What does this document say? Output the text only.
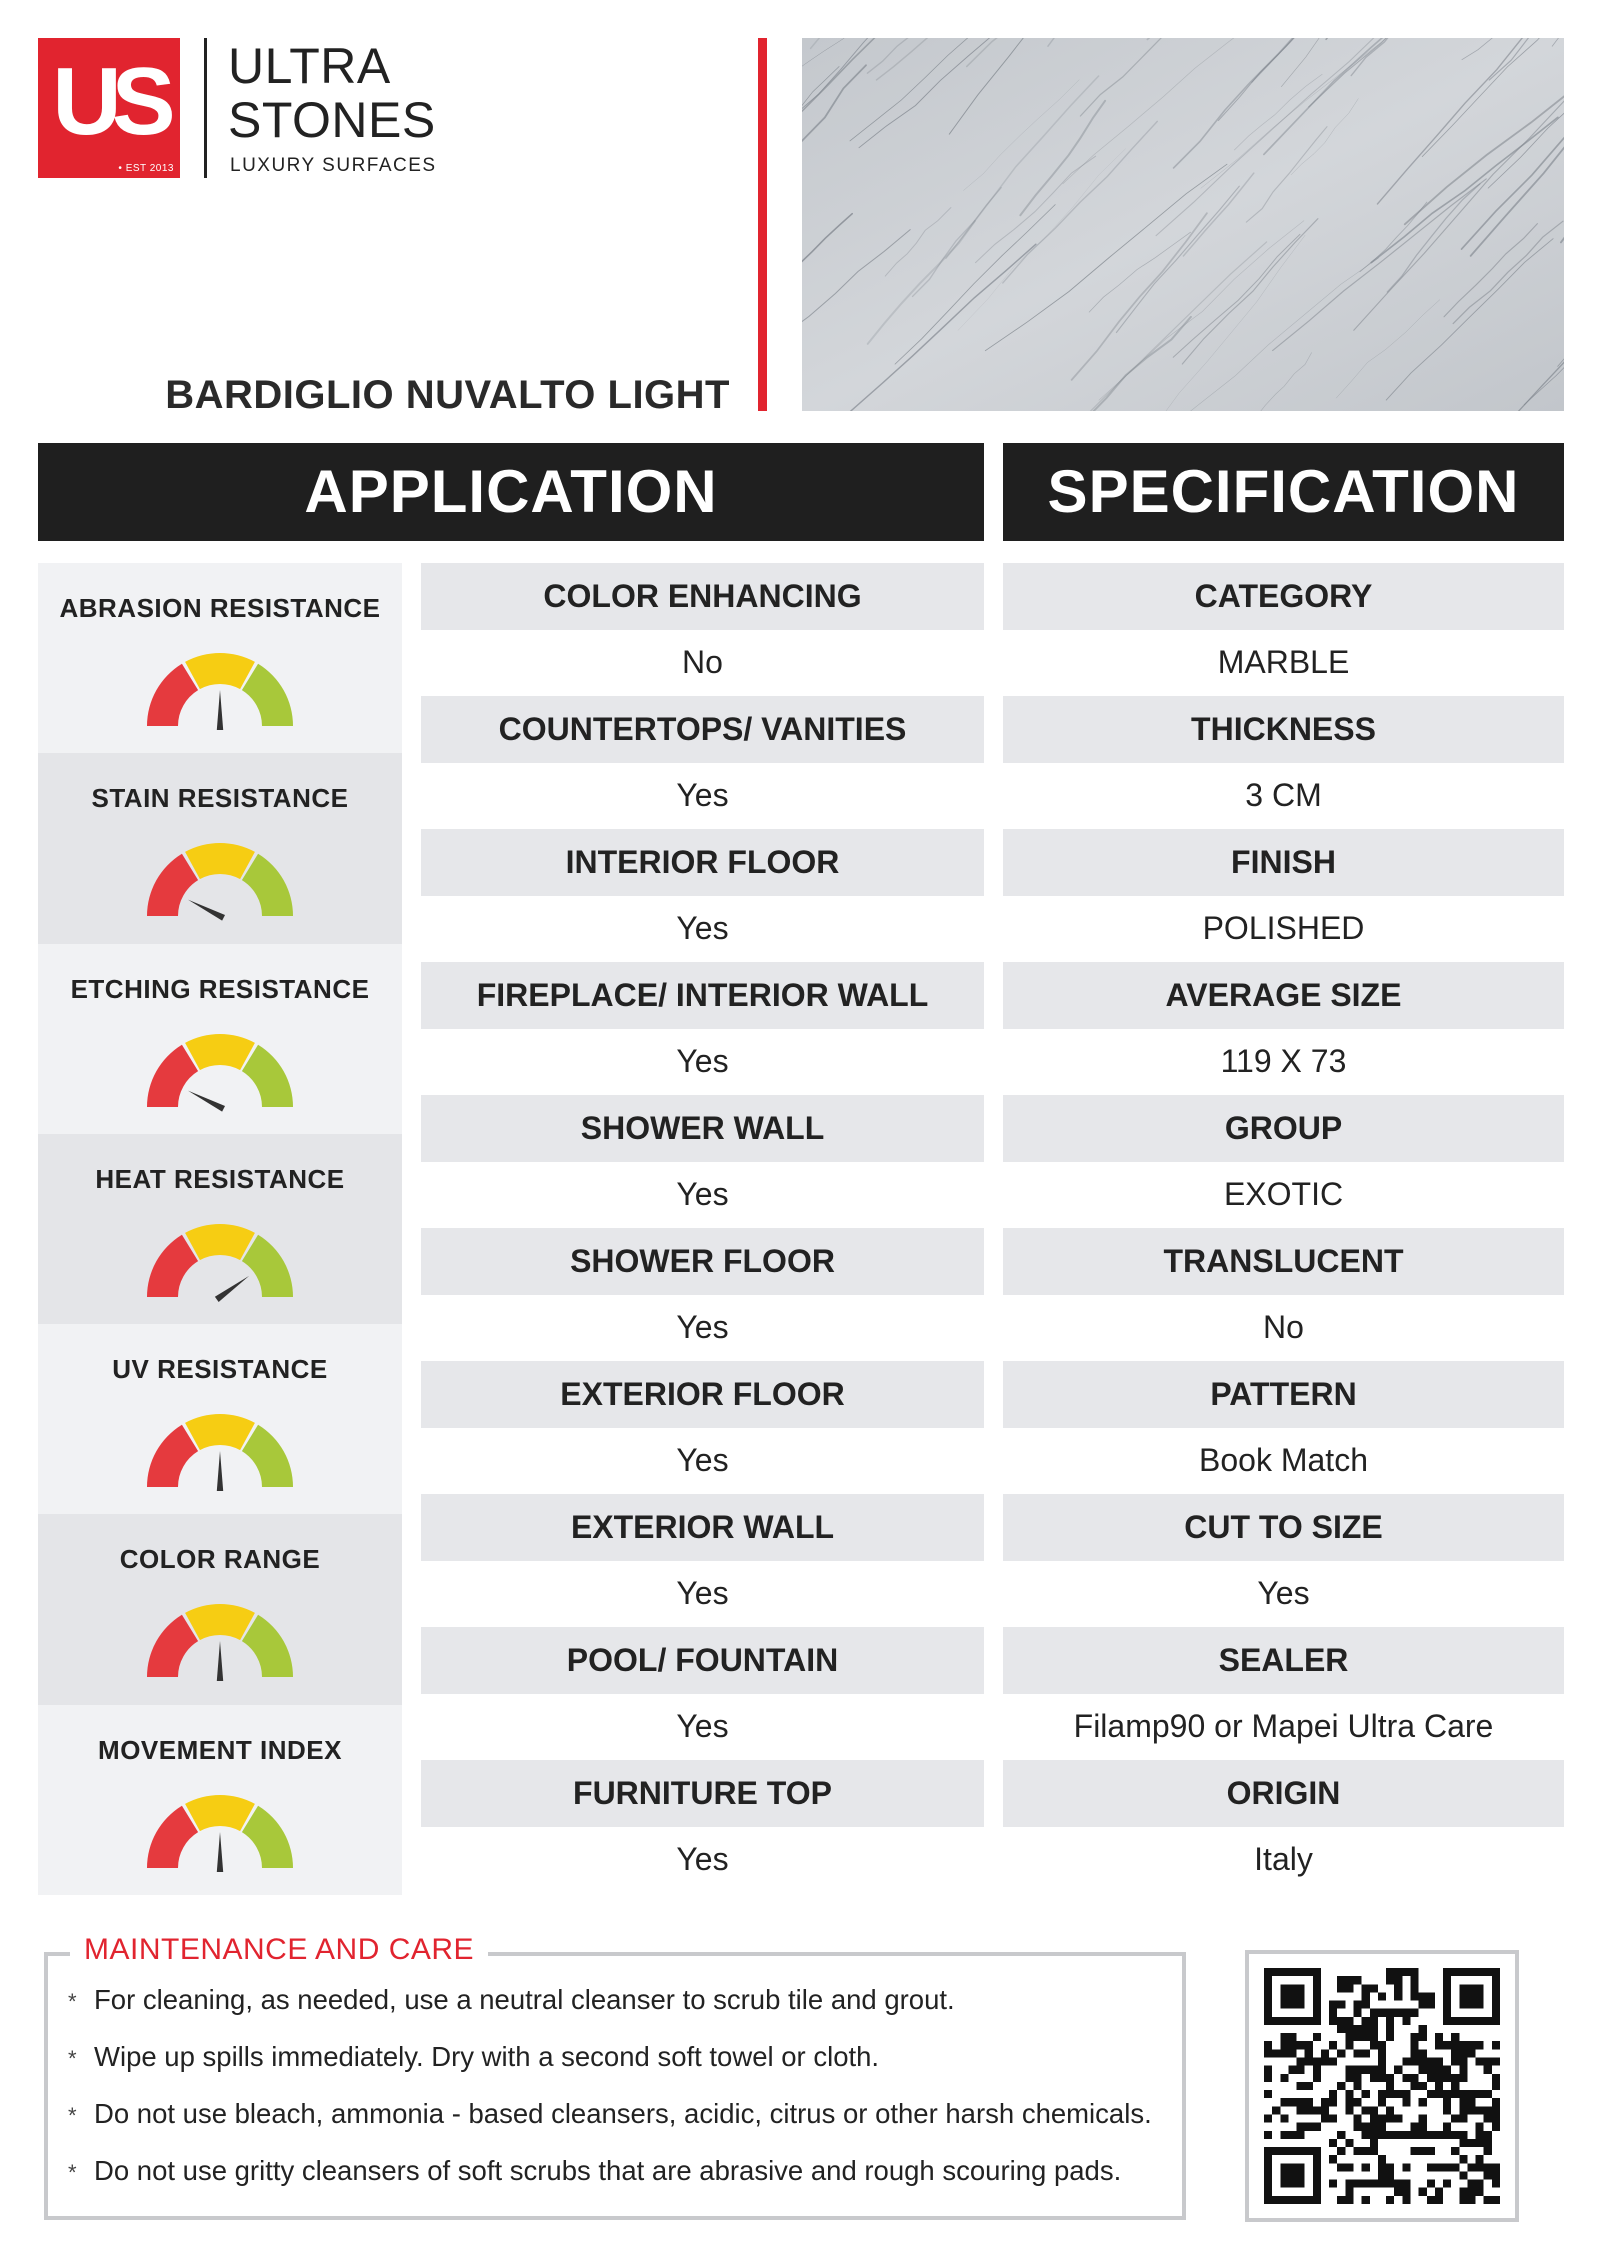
US
• EST 2013
ULTRA
STONES
LUXURY SURFACES
BARDIGLIO NUVALTO LIGHT
APPLICATION	SPECIFICATION
ABRASION RESISTANCE
STAIN RESISTANCE
ETCHING RESISTANCE
HEAT RESISTANCE
UV RESISTANCE
COLOR RANGE
MOVEMENT INDEX
COLOR ENHANCING
No
COUNTERTOPS/ VANITIES
Yes
INTERIOR FLOOR
Yes
FIREPLACE/ INTERIOR WALL
Yes
SHOWER WALL
Yes
SHOWER FLOOR
Yes
EXTERIOR FLOOR
Yes
EXTERIOR WALL
Yes
POOL/ FOUNTAIN
Yes
FURNITURE TOP
Yes
CATEGORY
MARBLE
THICKNESS
3 CM
FINISH
POLISHED
AVERAGE SIZE
119 X 73
GROUP
EXOTIC
TRANSLUCENT
No
PATTERN
Book Match
CUT TO SIZE
Yes
SEALER
Filamp90 or Mapei Ultra Care
ORIGIN
Italy
MAINTENANCE AND CARE
* For cleaning, as needed, use a neutral cleanser to scrub tile and grout.
* Wipe up spills immediately. Dry with a second soft towel or cloth.
* Do not use bleach, ammonia - based cleansers, acidic, citrus or other harsh chemicals.
* Do not use gritty cleansers of soft scrubs that are abrasive and rough scouring pads.
